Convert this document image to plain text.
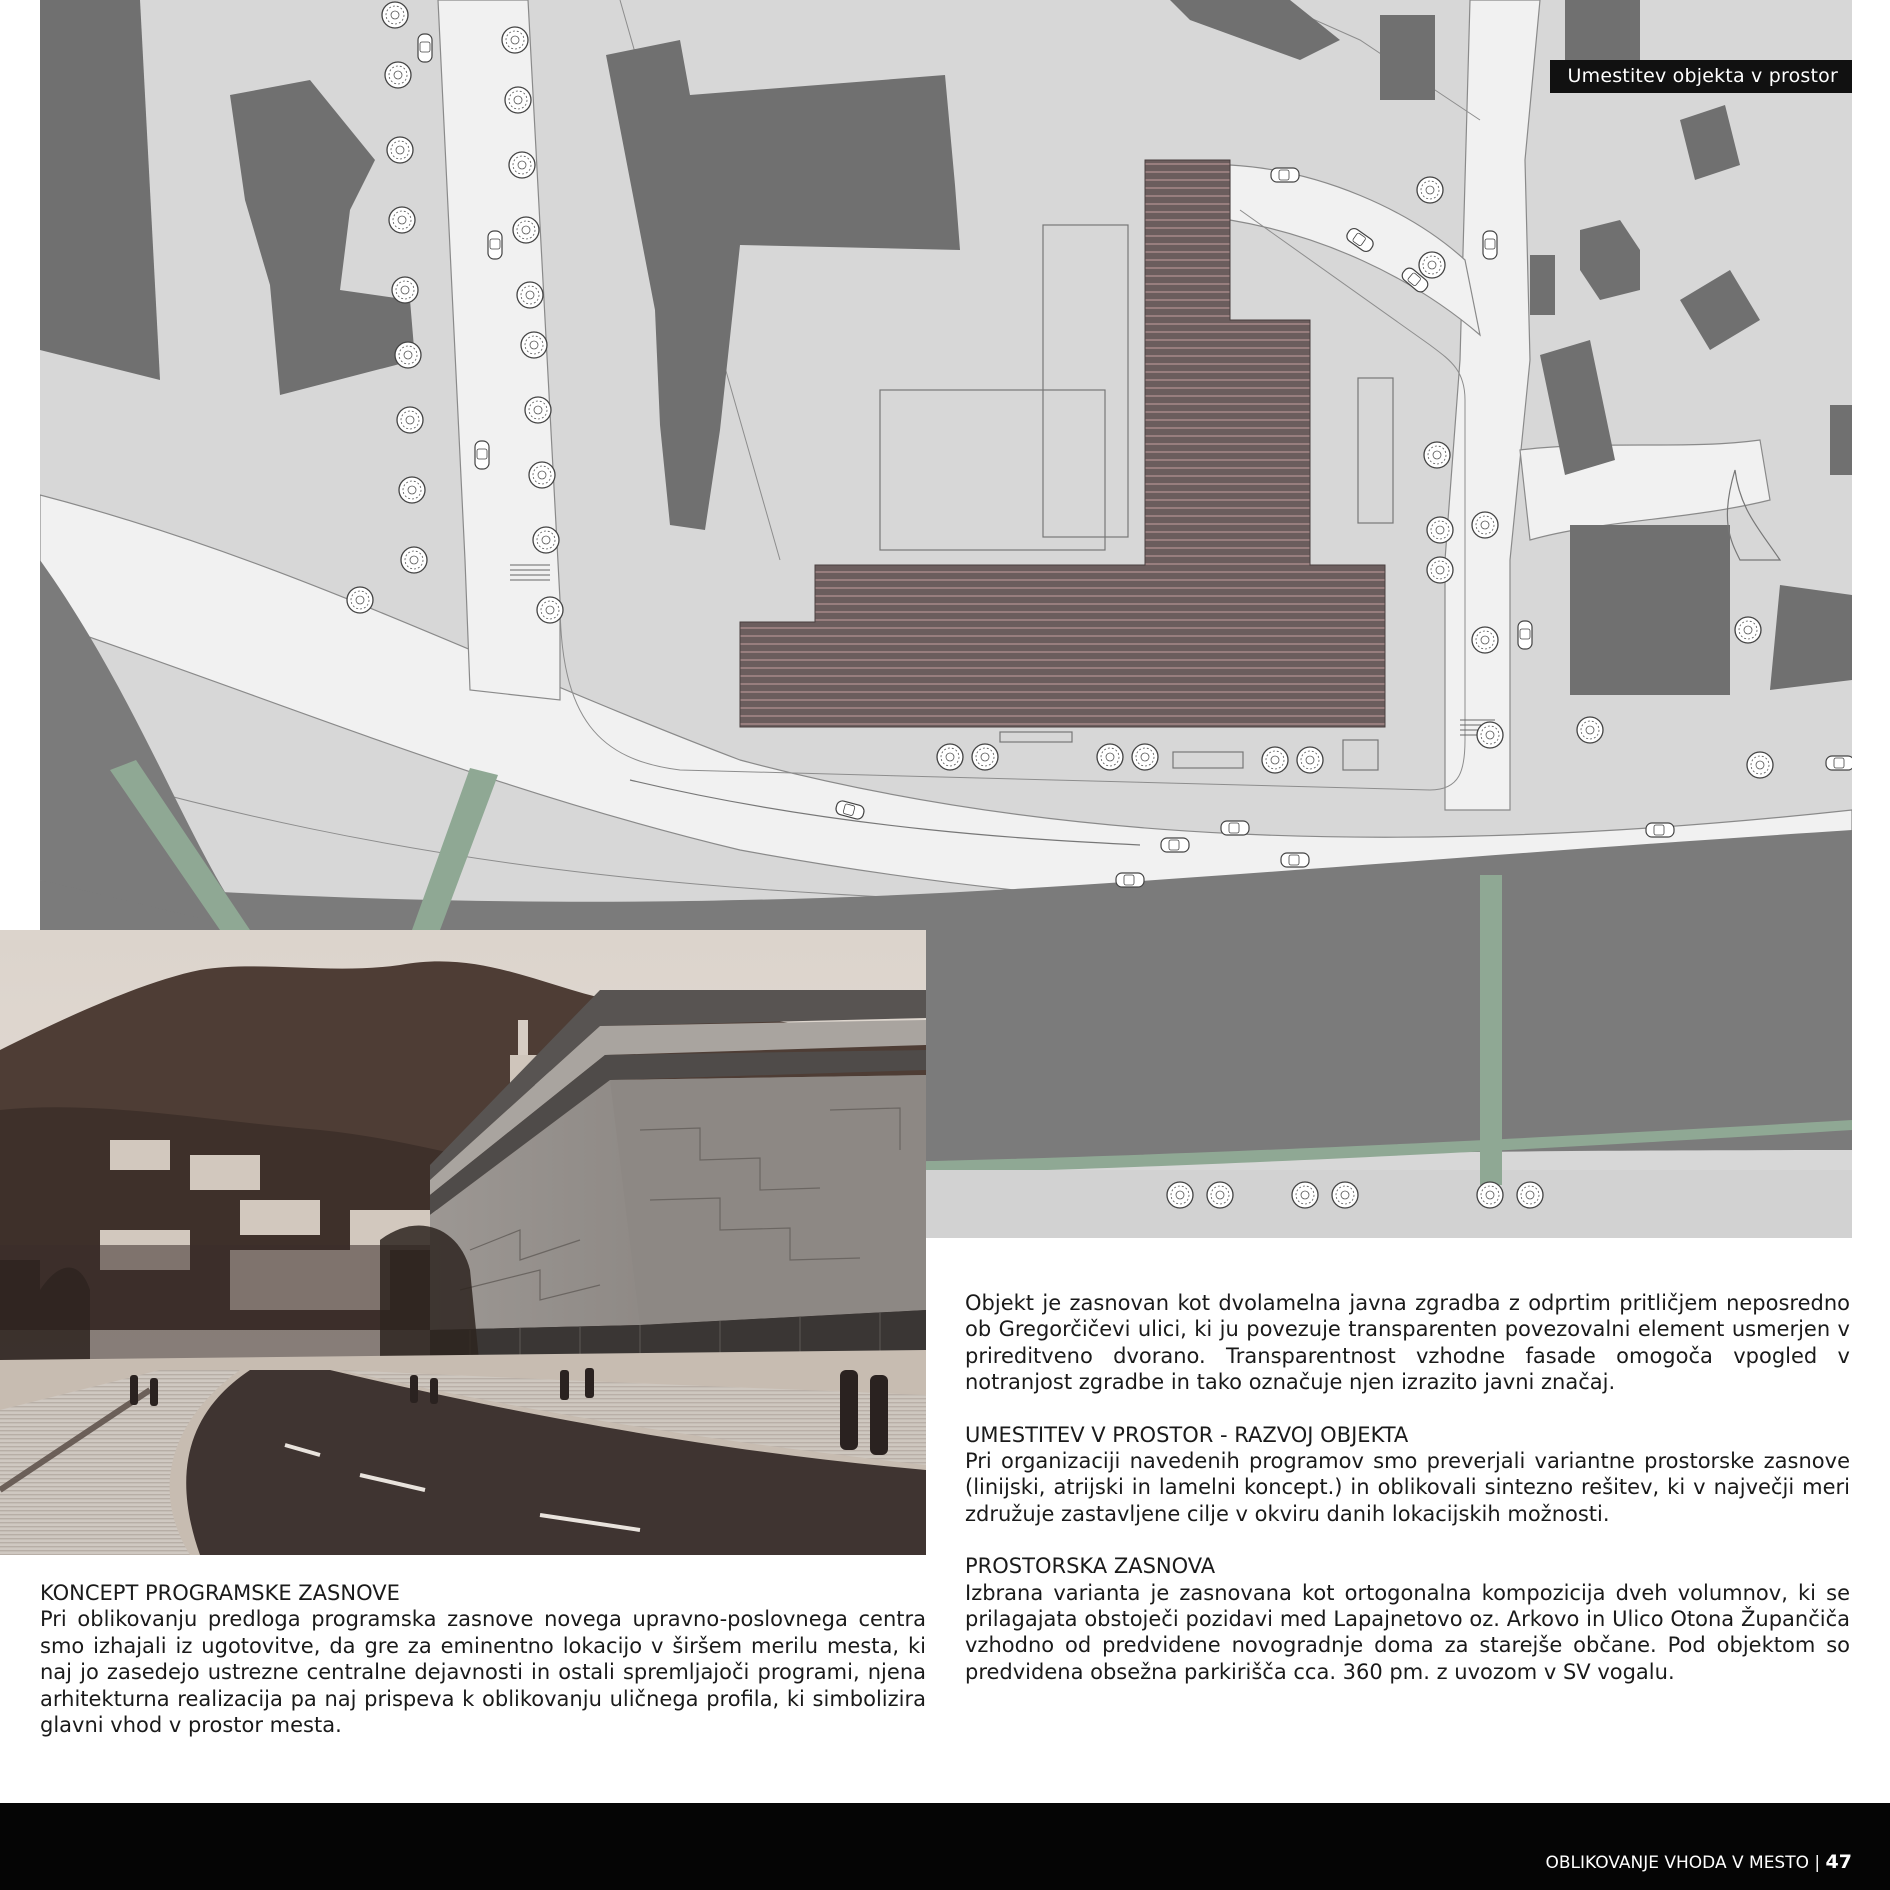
Umestitev objekta v prostor

Objekt je zasnovan kot dvolamelna javna zgradba z odprtim pritličjem neposredno ob Gregorčičevi ulici, ki ju povezuje transparenten povezovalni element usmerjen v prireditveno dvorano. Transparentnost vzhodne fasade omogoča vpogled v notranjost zgradbe in tako označuje njen izrazito javni značaj.

UMESTITEV V PROSTOR - RAZVOJ OBJEKTA

Pri organizaciji navedenih programov smo preverjali variantne prostorske zasnove (linijski, atrijski in lamelni koncept.) in oblikovali sintezno rešitev, ki v največji meri združuje zastavljene cilje v okviru danih lokacijskih možnosti.

PROSTORSKA ZASNOVA

Izbrana varianta je zasnovana kot ortogonalna kompozicija dveh volumnov, ki se prilagajata obstoječi pozidavi med Lapajnetovo oz. Arkovo in Ulico Otona Župančiča vzhodno od predvidene novogradnje doma za starejše občane. Pod objektom so predvidena obsežna parkirišča cca. 360 pm. z uvozom v SV vogalu.

KONCEPT PROGRAMSKE ZASNOVE

Pri oblikovanju predloga programska zasnove novega upravno-poslovnega centra smo izhajali iz ugotovitve, da gre za eminentno lokacijo v širšem merilu mesta, ki naj jo zasedejo ustrezne centralne dejavnosti in ostali spremljajoči programi, njena arhitekturna realizacija pa naj prispeva k oblikovanju uličnega profila, ki simbolizira glavni vhod v prostor mesta.

OBLIKOVANJE VHODA V MESTO | 47
